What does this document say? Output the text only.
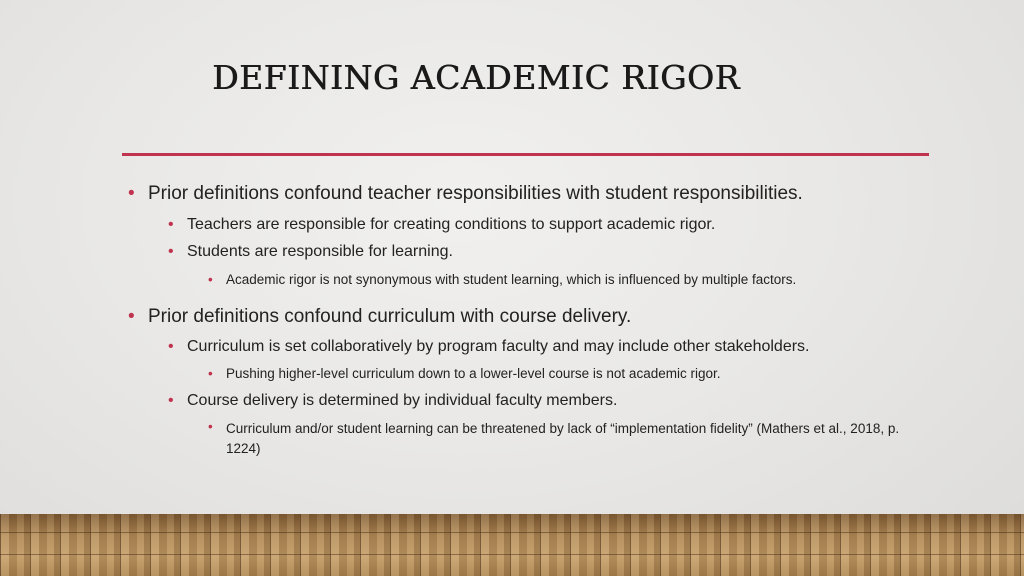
DEFINING ACADEMIC RIGOR
• Prior definitions confound teacher responsibilities with student responsibilities.
• Teachers are responsible for creating conditions to support academic rigor.
• Students are responsible for learning.
• Academic rigor is not synonymous with student learning, which is influenced by multiple factors.
• Prior definitions confound curriculum with course delivery.
• Curriculum is set collaboratively by program faculty and may include other stakeholders.
• Pushing higher-level curriculum down to a lower-level course is not academic rigor.
• Course delivery is determined by individual faculty members.
• Curriculum and/or student learning can be threatened by lack of “implementation fidelity” (Mathers et al., 2018, p. 1224)
